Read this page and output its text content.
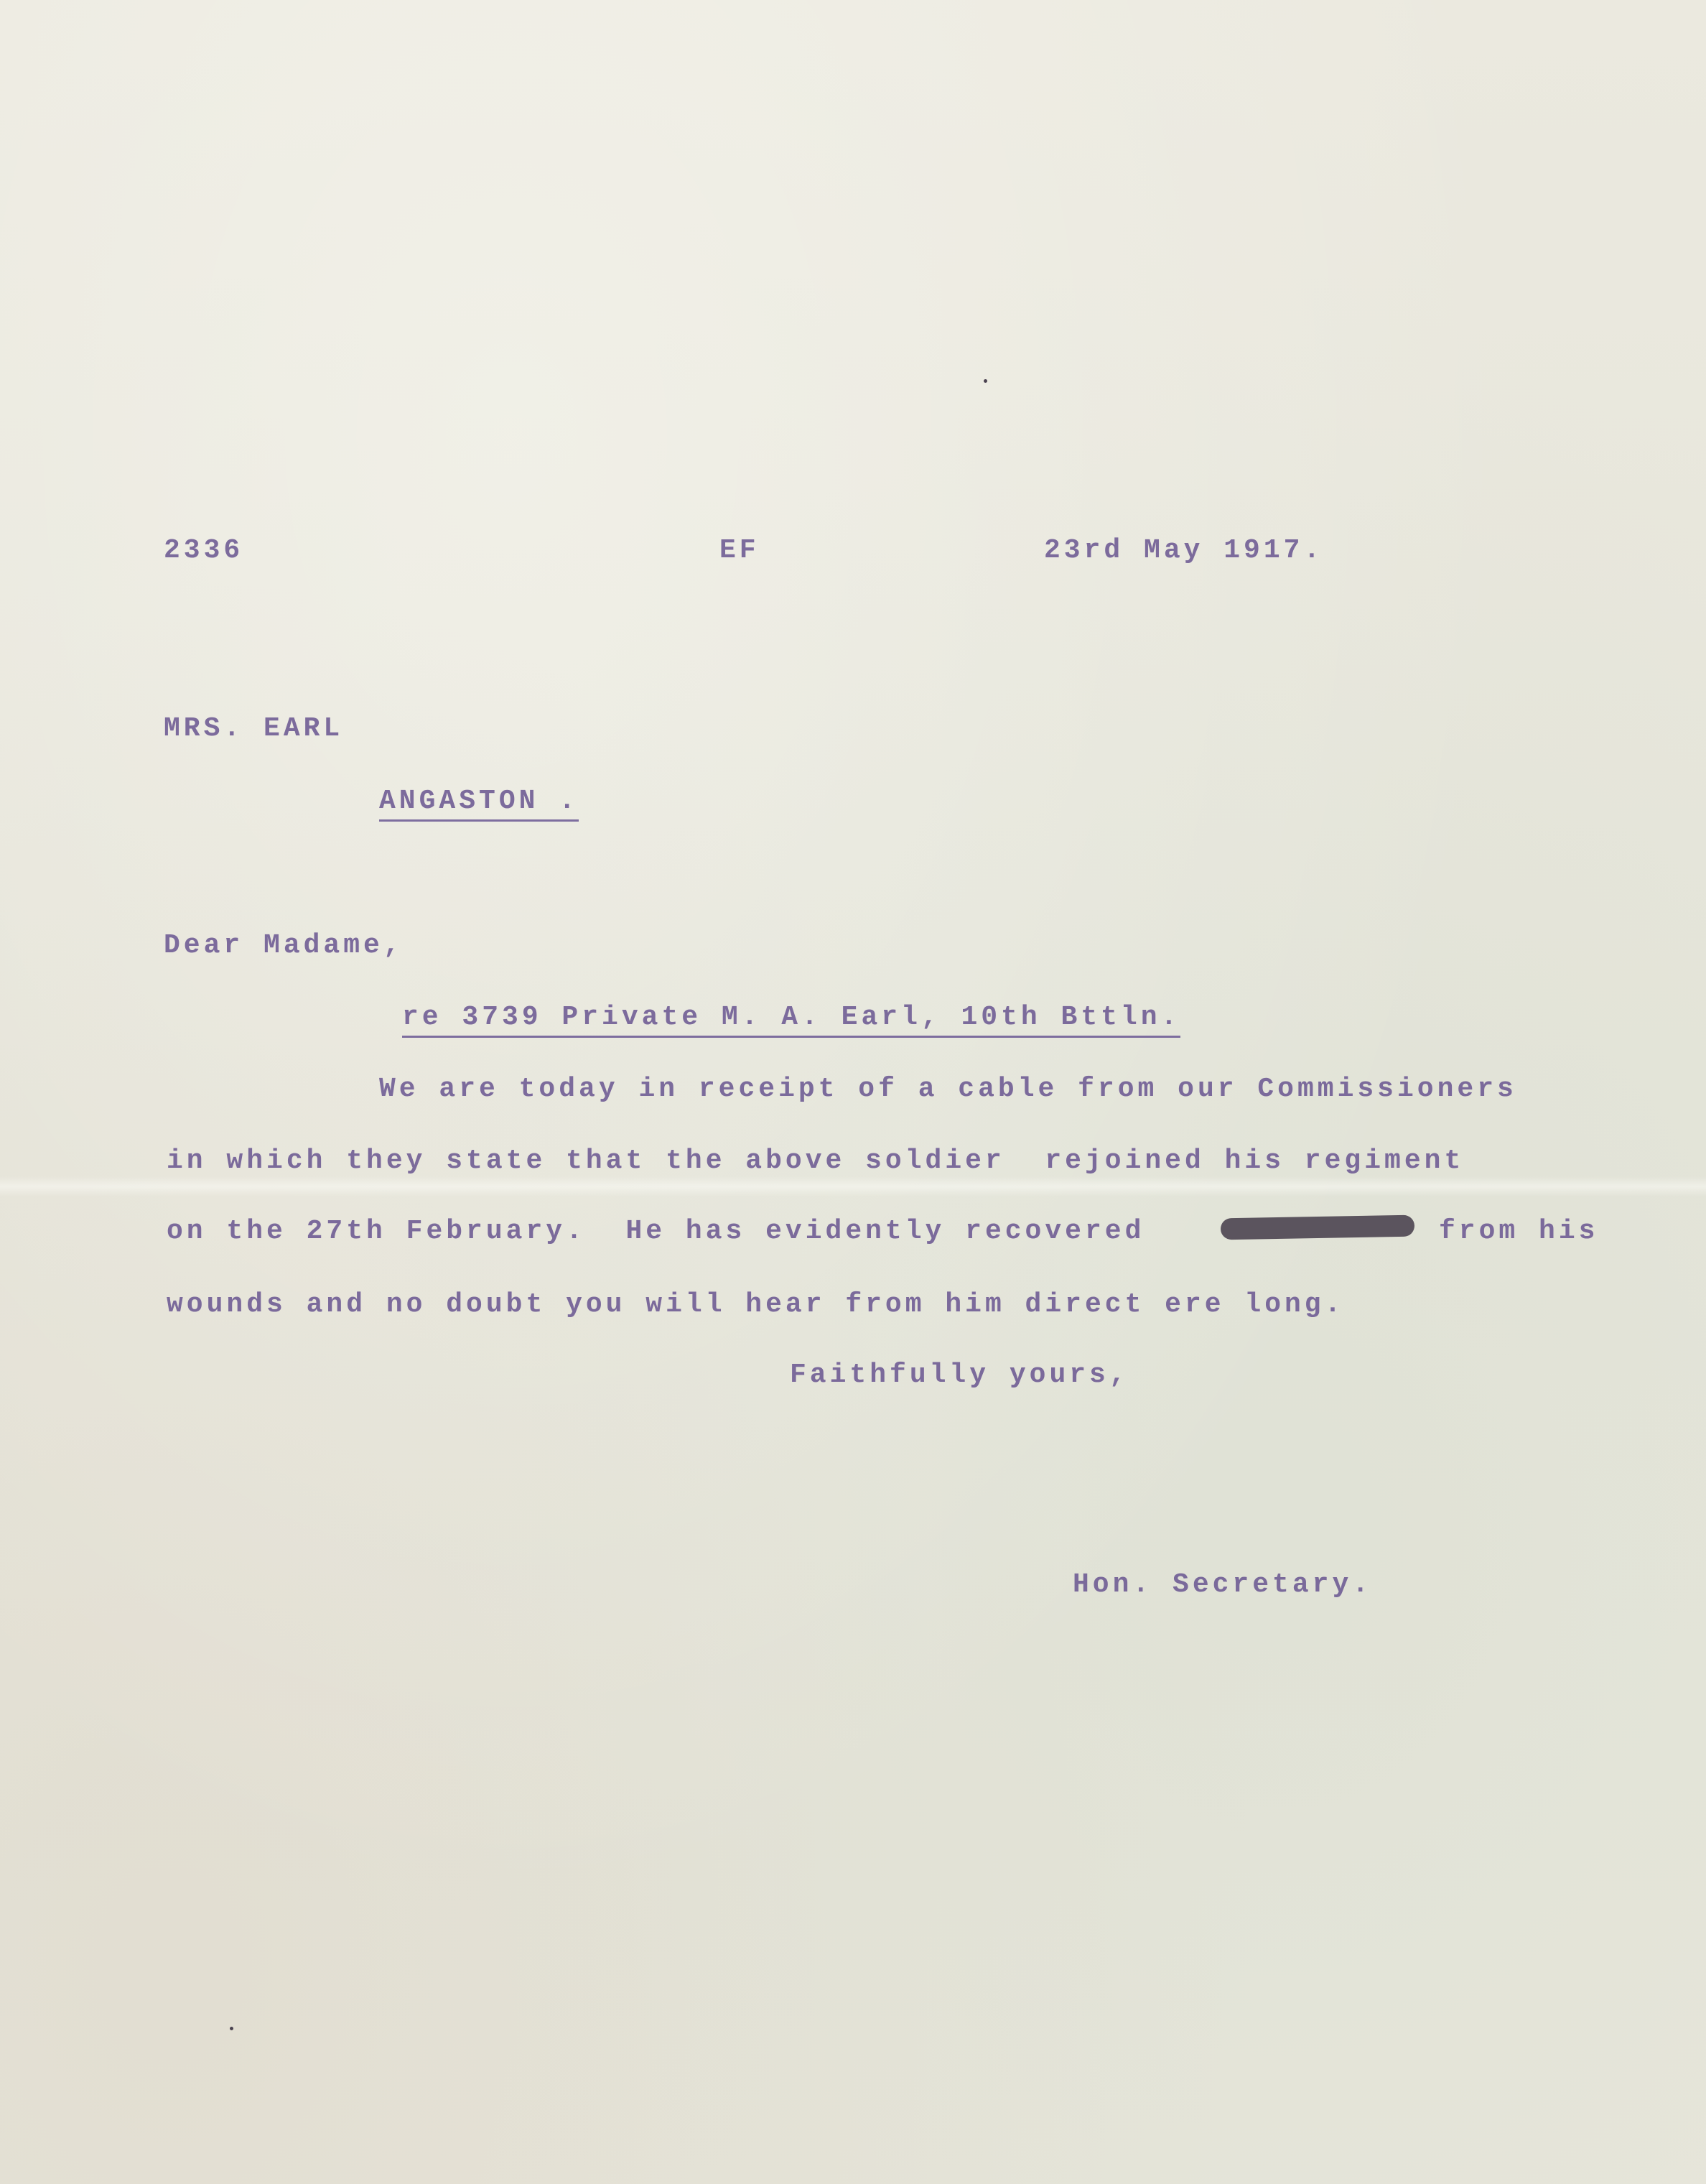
2336	EF	23rd May 1917.
MRS. EARL
ANGASTON .
Dear Madame,
re 3739 Private M. A. Earl, 10th Bttln.
We are today in receipt of a cable from our Commissioners
in which they state that the above soldier  rejoined his regiment
on the 27th February.  He has evidently recovered	from his
wounds and no doubt you will hear from him direct ere long.
Faithfully yours,
Hon. Secretary.
